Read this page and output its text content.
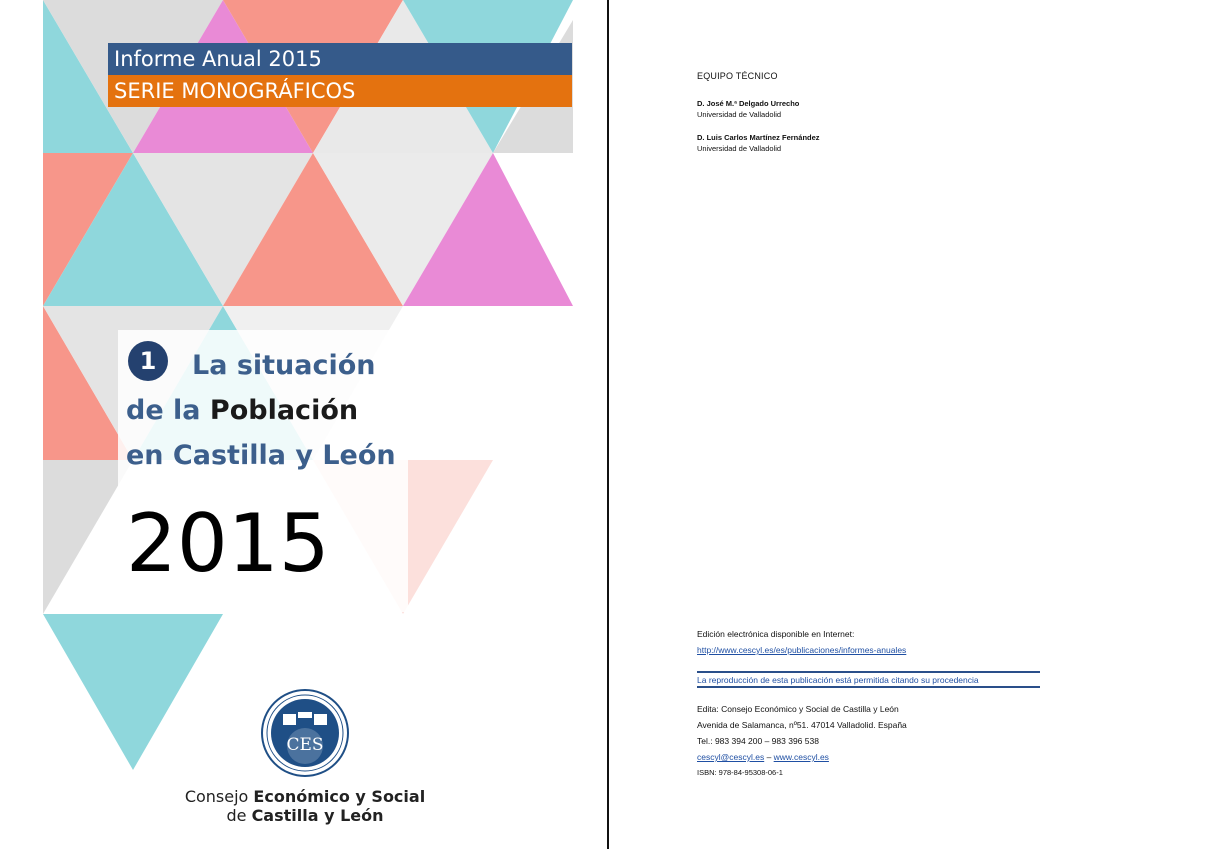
Informe Anual 2015
SERIE MONOGRÁFICOS
1	La situación
de la Población
en Castilla y León
2015
CES
Consejo Económico y Social
de Castilla y León
EQUIPO TÉCNICO
D. José M.ª Delgado Urrecho
Universidad de Valladolid
D. Luis Carlos Martínez Fernández
Universidad de Valladolid
Edición electrónica disponible en Internet:
http://www.cescyl.es/es/publicaciones/informes-anuales
La reproducción de esta publicación está permitida citando su procedencia
Edita: Consejo Económico y Social de Castilla y León
Avenida de Salamanca, nº51. 47014 Valladolid. España
Tel.: 983 394 200 – 983 396 538
cescyl@cescyl.es – www.cescyl.es
ISBN: 978-84-95308-06-1
